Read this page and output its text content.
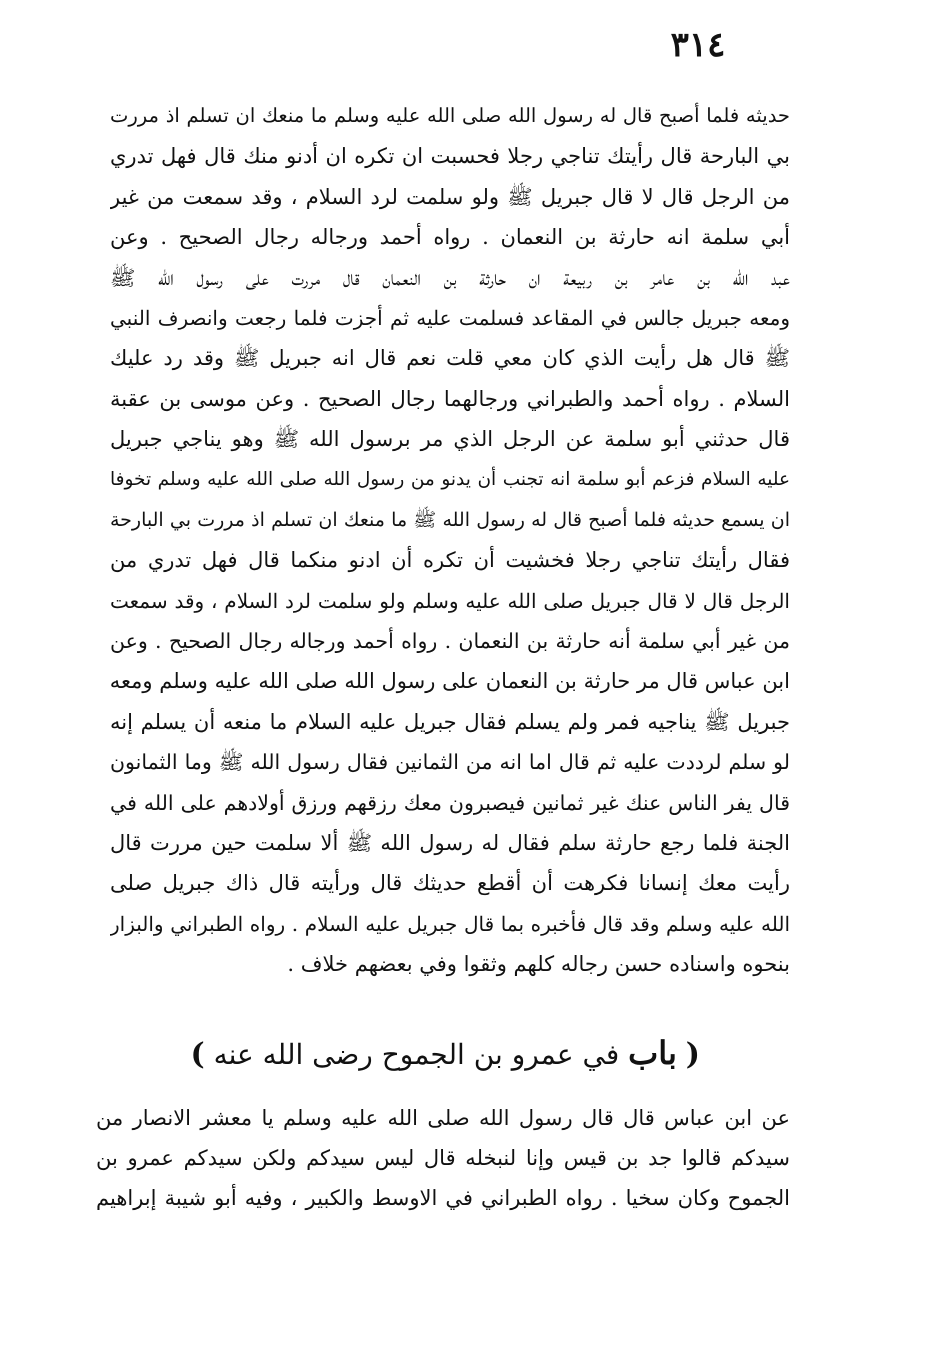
٣١٤
حديثه فلما أصبح قال له رسول الله صلى الله عليه وسلم ما منعك ان تسلم اذ مررت
بي البارحة قال رأيتك تناجي رجلا فحسبت ان تكره ان أدنو منك قال فهل تدري
من الرجل قال لا قال جبريل ﷺ ولو سلمت لرد السلام ، وقد سمعت من غير
أبي سلمة انه حارثة بن النعمان . رواه أحمد ورجاله رجال الصحيح . وعن
عبد الله بن عامر بن ربيعة ان حارثة بن النعمان قال مررت على رسول الله ﷺ
ومعه جبريل جالس في المقاعد فسلمت عليه ثم أجزت فلما رجعت وانصرف النبي
ﷺ قال هل رأيت الذي كان معي قلت نعم قال انه جبريل ﷺ وقد رد عليك
السلام . رواه أحمد والطبراني ورجالهما رجال الصحيح . وعن موسى بن عقبة
قال حدثني أبو سلمة عن الرجل الذي مر برسول الله ﷺ وهو يناجي جبريل
عليه السلام فزعم أبو سلمة انه تجنب أن يدنو من رسول الله صلى الله عليه وسلم تخوفا
ان يسمع حديثه فلما أصبح قال له رسول الله ﷺ ما منعك ان تسلم اذ مررت بي البارحة
فقال رأيتك تناجي رجلا فخشيت أن تكره أن ادنو منكما قال فهل تدري من
الرجل قال لا قال جبريل صلى الله عليه وسلم ولو سلمت لرد السلام ، وقد سمعت
من غير أبي سلمة أنه حارثة بن النعمان . رواه أحمد ورجاله رجال الصحيح . وعن
ابن عباس قال مر حارثة بن النعمان على رسول الله صلى الله عليه وسلم ومعه
جبريل ﷺ يناجيه فمر ولم يسلم فقال جبريل عليه السلام ما منعه أن يسلم إنه
لو سلم لرددت عليه ثم قال اما انه من الثمانين فقال رسول الله ﷺ وما الثمانون
قال يفر الناس عنك غير ثمانين فيصبرون معك رزقهم ورزق أولادهم على الله في
الجنة فلما رجع حارثة سلم فقال له رسول الله ﷺ ألا سلمت حين مررت قال
رأيت معك إنسانا فكرهت أن أقطع حديثك قال ورأيته قال ذاك جبريل صلى
الله عليه وسلم وقد قال فأخبره بما قال جبريل عليه السلام . رواه الطبراني والبزار
بنحوه واسناده حسن رجاله كلهم وثقوا وفي بعضهم خلاف .
( باب في عمرو بن الجموح رضى الله عنه )
عن ابن عباس قال قال رسول الله صلى الله عليه وسلم يا معشر الانصار من
سيدكم قالوا جد بن قيس وإنا لنبخله قال ليس سيدكم ولكن سيدكم عمرو بن
الجموح وكان سخيا . رواه الطبراني في الاوسط والكبير ، وفيه أبو شيبة إبراهيم
